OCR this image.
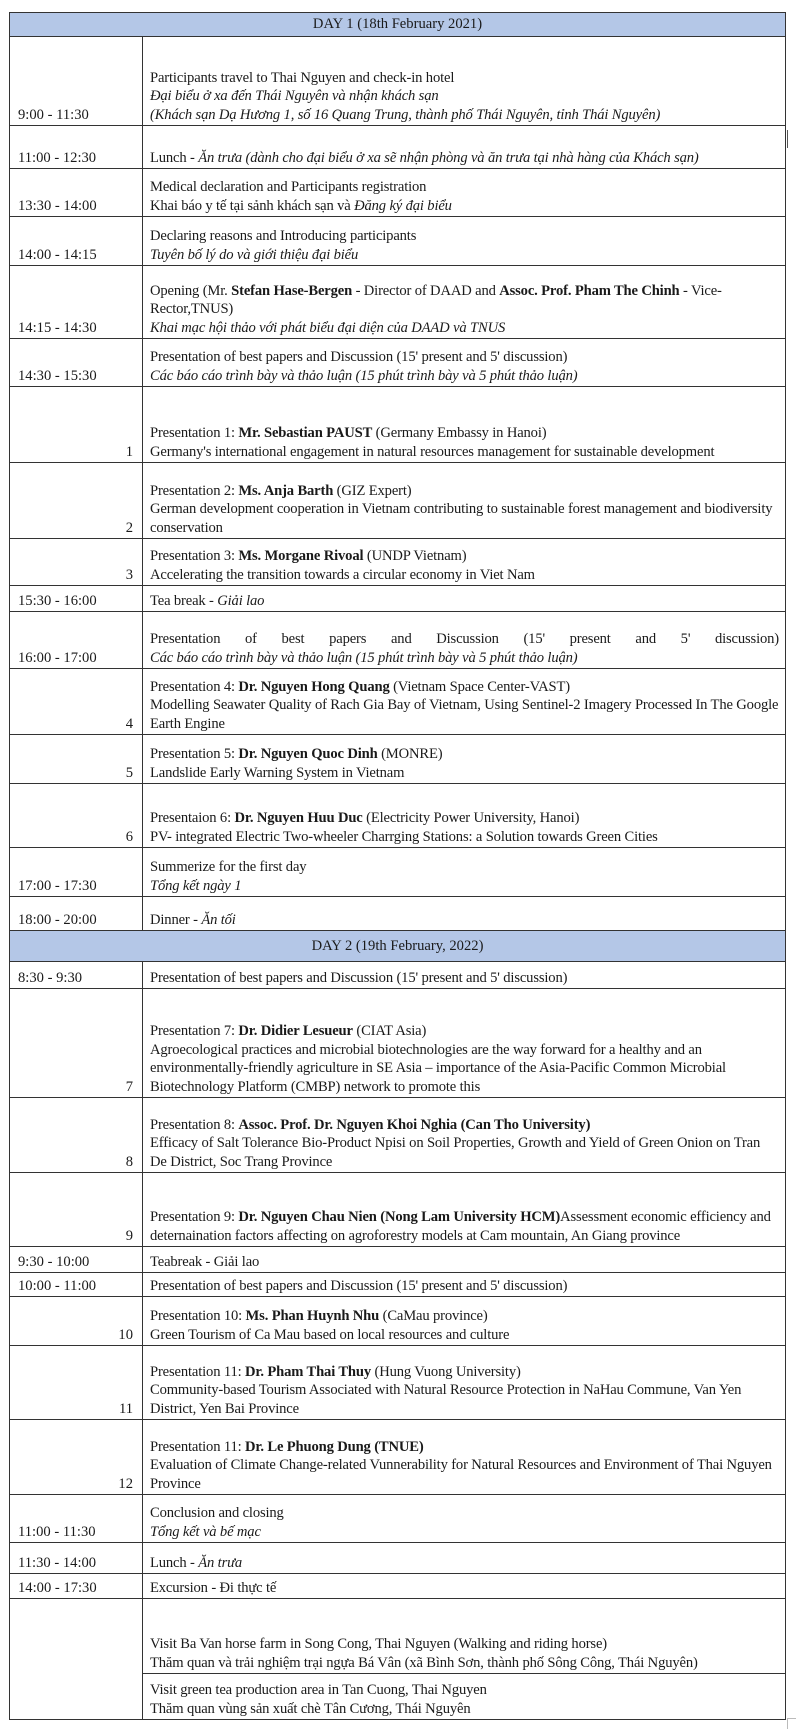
DAY 1 (18th February 2021)	
9:00 - 11:30	Participants travel to Thai Nguyen and check-in hotel
Đại biểu ở xa đến Thái Nguyên và nhận khách sạn
(Khách sạn Dạ Hương 1, số 16 Quang Trung, thành phố Thái Nguyên, tỉnh Thái Nguyên)

11:00 - 12:30	Lunch - Ăn trưa (dành cho đại biểu ở xa sẽ nhận phòng và ăn trưa tại nhà hàng của Khách sạn)

13:30 - 14:00	Medical declaration and Participants registration
Khai báo y tế tại sảnh khách sạn và Đăng ký đại biểu

14:00 - 14:15	Declaring reasons and Introducing participants
Tuyên bố lý do và giới thiệu đại biểu

14:15 - 14:30	Opening (Mr. Stefan Hase-Bergen - Director of DAAD and Assoc. Prof. Pham The Chinh - Vice-Rector,TNUS)
Khai mạc hội thảo với phát biểu đại diện của DAAD và TNUS

14:30 - 15:30	Presentation of best papers and Discussion (15' present and 5' discussion)
Các báo cáo trình bày và thảo luận (15 phút trình bày và 5 phút thảo luận)

1	Presentation 1: Mr. Sebastian PAUST (Germany Embassy in Hanoi)
Germany's international engagement in natural resources management for sustainable development

2	Presentation 2: Ms. Anja Barth (GIZ Expert)
German development cooperation in Vietnam contributing to sustainable forest management and biodiversity conservation

3	Presentation 3: Ms. Morgane Rivoal (UNDP Vietnam)
Accelerating the transition towards a circular economy in Viet Nam

15:30 - 16:00	Tea break - Giải lao

16:00 - 17:00	Presentation of best papers and Discussion (15' present and 5' discussion)
Các báo cáo trình bày và thảo luận (15 phút trình bày và 5 phút thảo luận)

4	Presentation 4: Dr. Nguyen Hong Quang (Vietnam Space Center-VAST)
Modelling Seawater Quality of Rach Gia Bay of Vietnam, Using Sentinel-2 Imagery Processed In The Google Earth Engine

5	Presentation 5: Dr. Nguyen Quoc Dinh (MONRE)
Landslide Early Warning System in Vietnam

6	Presentaion 6: Dr. Nguyen Huu Duc (Electricity Power University, Hanoi)
PV- integrated Electric Two-wheeler Charrging Stations: a Solution towards Green Cities

17:00 - 17:30	Summerize for the first day
Tổng kết ngày 1

18:00 - 20:00	Dinner - Ăn tối

DAY 2 (19th February, 2022)	
8:30 - 9:30	Presentation of best papers and Discussion (15' present and 5' discussion)

7	Presentation 7: Dr. Didier Lesueur (CIAT Asia)
Agroecological practices and microbial biotechnologies are the way forward for a healthy and an environmentally-friendly agriculture in SE Asia – importance of the Asia-Pacific Common Microbial Biotechnology Platform (CMBP) network to promote this

8	Presentation 8: Assoc. Prof. Dr. Nguyen Khoi Nghia (Can Tho University)
Efficacy of Salt Tolerance Bio-Product Npisi on Soil Properties, Growth and Yield of Green Onion on Tran De District, Soc Trang Province

9	Presentation 9: Dr. Nguyen Chau Nien (Nong Lam University HCM)Assessment economic efficiency and deternaination factors affecting on agroforestry models at Cam mountain, An Giang province

9:30 - 10:00	Teabreak - Giải lao

10:00 - 11:00	Presentation of best papers and Discussion (15' present and 5' discussion)

10	Presentation 10: Ms. Phan Huynh Nhu (CaMau province)
Green Tourism of Ca Mau based on local resources and culture

11	Presentation 11: Dr. Pham Thai Thuy (Hung Vuong University)
Community-based Tourism Associated with Natural Resource Protection in NaHau Commune, Van Yen District, Yen Bai Province

12	Presentation 11: Dr. Le Phuong Dung (TNUE)
Evaluation of Climate Change-related Vunnerability for Natural Resources and Environment of Thai Nguyen Province

11:00 - 11:30	Conclusion and closing
Tổng kết và bế mạc

11:30 - 14:00	Lunch - Ăn trưa

14:00 - 17:30	Excursion - Đi thực tế

	Visit Ba Van horse farm in Song Cong, Thai Nguyen (Walking and riding horse)
Thăm quan và trải nghiệm trại ngựa Bá Vân (xã Bình Sơn, thành phố Sông Công, Thái Nguyên)

	Visit green tea production area in Tan Cuong, Thai Nguyen
Thăm quan vùng sản xuất chè Tân Cương, Thái Nguyên
